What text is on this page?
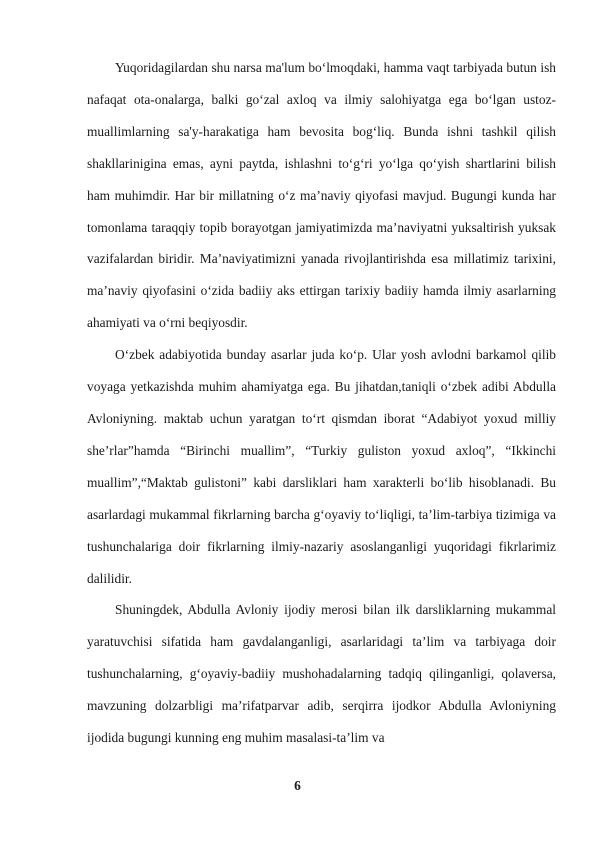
Yuqoridagilardan shu narsa ma'lum bo‘lmoqdaki, hamma vaqt tarbiyada butun ish nafaqat ota-onalarga, balki go‘zal axloq va ilmiy salohiyatga ega bo‘lgan ustoz-muallimlarning sa'y-harakatiga ham bevosita bog‘liq. Bunda ishni tashkil qilish shakllarinigina emas, ayni paytda, ishlashni to‘g‘ri yo‘lga qo‘yish shartlarini bilish ham muhimdir. Har bir millatning o‘z ma’naviy qiyofasi mavjud. Bugungi kunda har tomonlama taraqqiy topib borayotgan jamiyatimizda ma’naviyatni yuksaltirish yuksak vazifalardan biridir. Ma’naviyatimizni yanada rivojlantirishda esa millatimiz tarixini, ma’naviy qiyofasini o‘zida badiiy aks ettirgan tarixiy badiiy hamda ilmiy asarlarning ahamiyati va o‘rni beqiyosdir.

O‘zbek adabiyotida bunday asarlar juda ko‘p. Ular yosh avlodni barkamol qilib voyaga yetkazishda muhim ahamiyatga ega. Bu jihatdan,taniqli o‘zbek adibi Abdulla Avloniyning. maktab uchun yaratgan to‘rt qismdan iborat “Adabiyot yoxud milliy she’rlar”hamda “Birinchi muallim”, “Turkiy guliston yoxud axloq”, “Ikkinchi muallim”,“Maktab gulistoni” kabi darsliklari ham xarakterli bo‘lib hisoblanadi. Bu asarlardagi mukammal fikrlarning barcha g‘oyaviy to‘liqligi, ta’lim-tarbiya tizimiga va tushunchalariga doir fikrlarning ilmiy-nazariy asoslanganligi yuqoridagi fikrlarimiz dalilidir.

Shuningdek, Abdulla Avloniy ijodiy merosi bilan ilk darsliklarning mukammal yaratuvchisi sifatida ham gavdalanganligi, asarlaridagi ta’lim va tarbiyaga doir tushunchalarning, g‘oyaviy-badiiy mushohadalarning tadqiq qilinganligi, qolaversa, mavzuning dolzarbligi ma’rifatparvar adib, serqirra ijodkor Abdulla Avloniyning ijodida bugungi kunning eng muhim masalasi-ta’lim va

6
